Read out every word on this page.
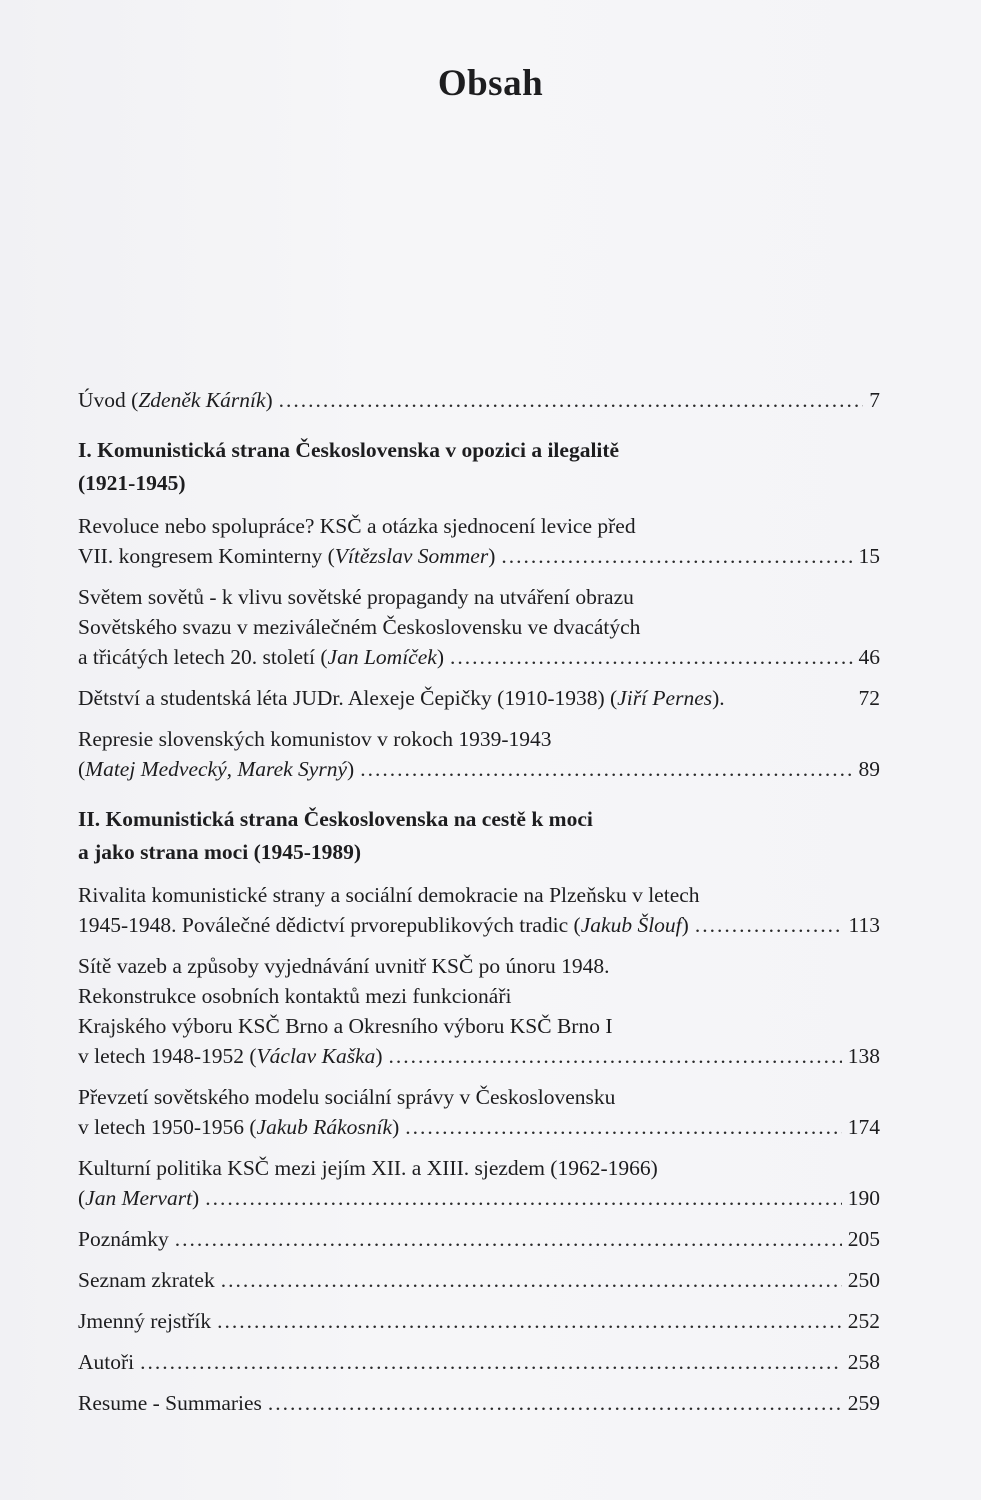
Obsah
Úvod (Zdeněk Kárník) .....	7
I. Komunistická strana Československa v opozici a ilegalitě
(1921-1945)
Revoluce nebo spolupráce? KSČ a otázka sjednocení levice před
VII. kongresem Kominterny (Vítězslav Sommer) .....	15
Světem sovětů - k vlivu sovětské propagandy na utváření obrazu
Sovětského svazu v meziválečném Československu ve dvacátých
a třicátých letech 20. století (Jan Lomíček) .....	46
Dětství a studentská léta JUDr. Alexeje Čepičky (1910-1938) (Jiří Pernes).	72
Represie slovenských komunistov v rokoch 1939-1943
(Matej Medvecký, Marek Syrný) .....	89
II. Komunistická strana Československa na cestě k moci
a jako strana moci (1945-1989)
Rivalita komunistické strany a sociální demokracie na Plzeňsku v letech
1945-1948. Poválečné dědictví prvorepublikových tradic (Jakub Šlouf) .....	113
Sítě vazeb a způsoby vyjednávání uvnitř KSČ po únoru 1948.
Rekonstrukce osobních kontaktů mezi funkcionáři
Krajského výboru KSČ Brno a Okresního výboru KSČ Brno I
v letech 1948-1952 (Václav Kaška) .....	138
Převzetí sovětského modelu sociální správy v Československu
v letech 1950-1956 (Jakub Rákosník) .....	174
Kulturní politika KSČ mezi jejím XII. a XIII. sjezdem (1962-1966)
(Jan Mervart) .....	190
Poznámky .....	205
Seznam zkratek .....	250
Jmenný rejstřík .....	252
Autoři .....	258
Resume - Summaries .....	259
